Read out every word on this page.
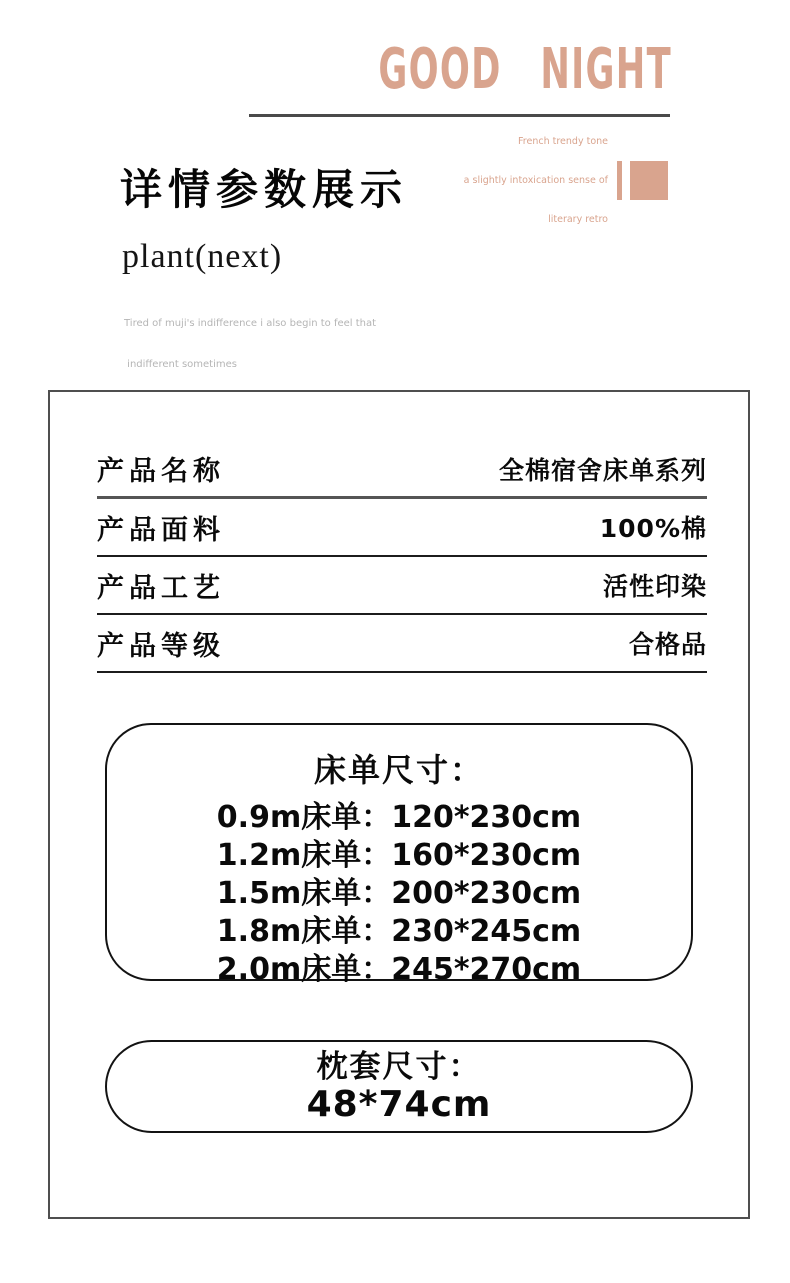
GOOD NIGHT
详情参数展示

French trendy tone

a slightly intoxication sense of

literary retro

plant(next)

Tired of muji's indifference i also begin to feel that

indifferent sometimes

产品名称	全棉宿舍床单系列
产品面料	100%棉
产品工艺	活性印染
产品等级	合格品
床单尺寸：
0.9m床单：120*230cm
1.2m床单：160*230cm
1.5m床单：200*230cm
1.8m床单：230*245cm
2.0m床单：245*270cm
枕套尺寸：
48*74cm
